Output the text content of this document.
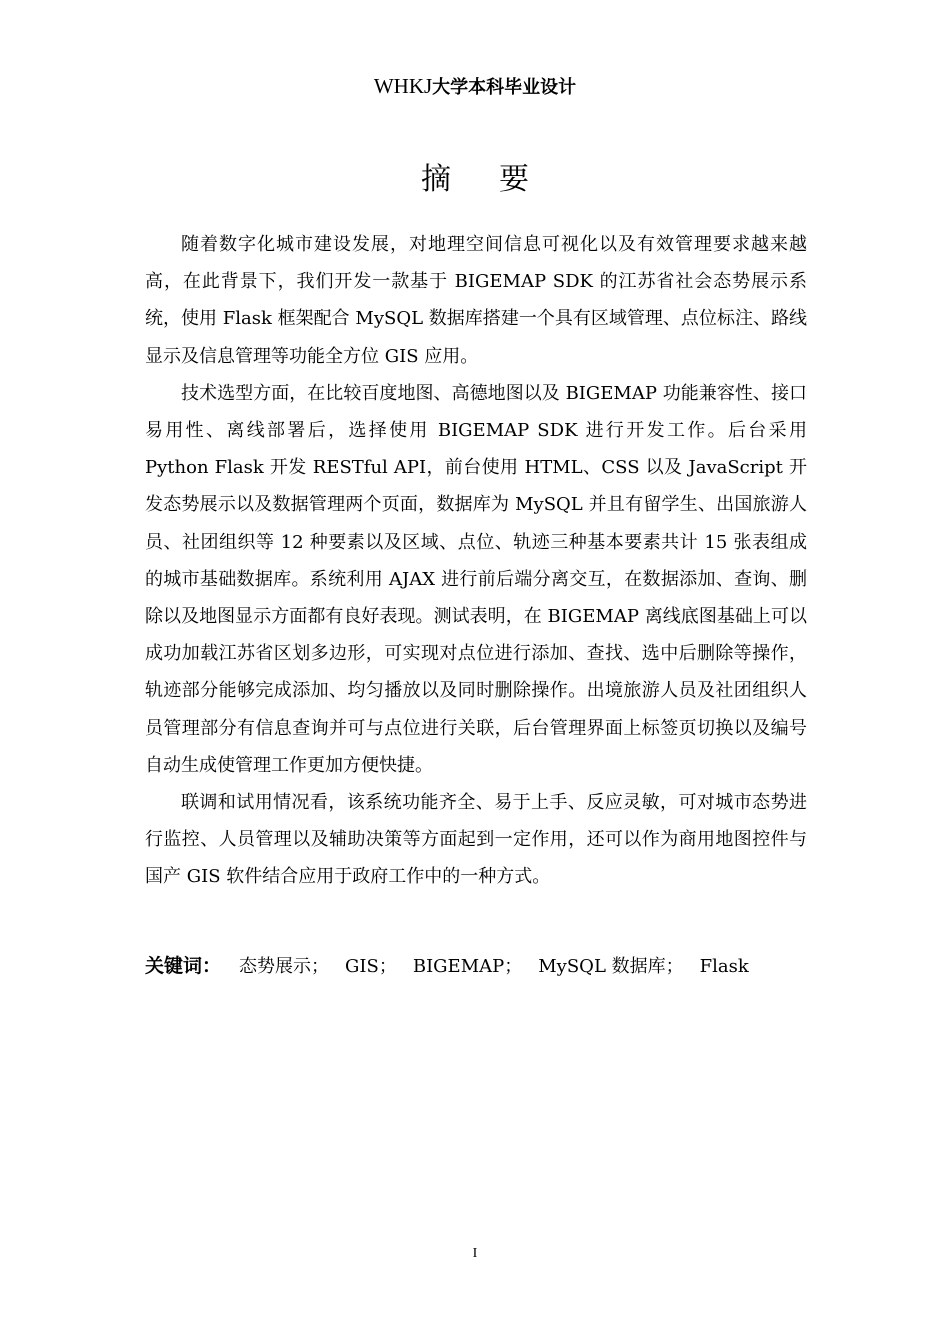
WHKJ大学本科毕业设计
摘要

随着数字化城市建设发展，对地理空间信息可视化以及有效管理要求越来越高，在此背景下，我们开发一款基于 BIGEMAP SDK 的江苏省社会态势展示系统，使用 Flask 框架配合 MySQL 数据库搭建一个具有区域管理、点位标注、路线显示及信息管理等功能全方位 GIS 应用。

技术选型方面，在比较百度地图、高德地图以及 BIGEMAP 功能兼容性、接口易用性、离线部署后，选择使用 BIGEMAP SDK 进行开发工作。后台采用 Python Flask 开发 RESTful API，前台使用 HTML、CSS 以及 JavaScript 开发态势展示以及数据管理两个页面，数据库为 MySQL 并且有留学生、出国旅游人员、社团组织等 12 种要素以及区域、点位、轨迹三种基本要素共计 15 张表组成的城市基础数据库。系统利用 AJAX 进行前后端分离交互，在数据添加、查询、删除以及地图显示方面都有良好表现。测试表明，在 BIGEMAP 离线底图基础上可以成功加载江苏省区划多边形，可实现对点位进行添加、查找、选中后删除等操作，轨迹部分能够完成添加、均匀播放以及同时删除操作。出境旅游人员及社团组织人员管理部分有信息查询并可与点位进行关联，后台管理界面上标签页切换以及编号自动生成使管理工作更加方便快捷。

联调和试用情况看，该系统功能齐全、易于上手、反应灵敏，可对城市态势进行监控、人员管理以及辅助决策等方面起到一定作用，还可以作为商用地图控件与国产 GIS 软件结合应用于政府工作中的一种方式。

关键词： 态势展示； GIS； BIGEMAP； MySQL 数据库； Flask
I
